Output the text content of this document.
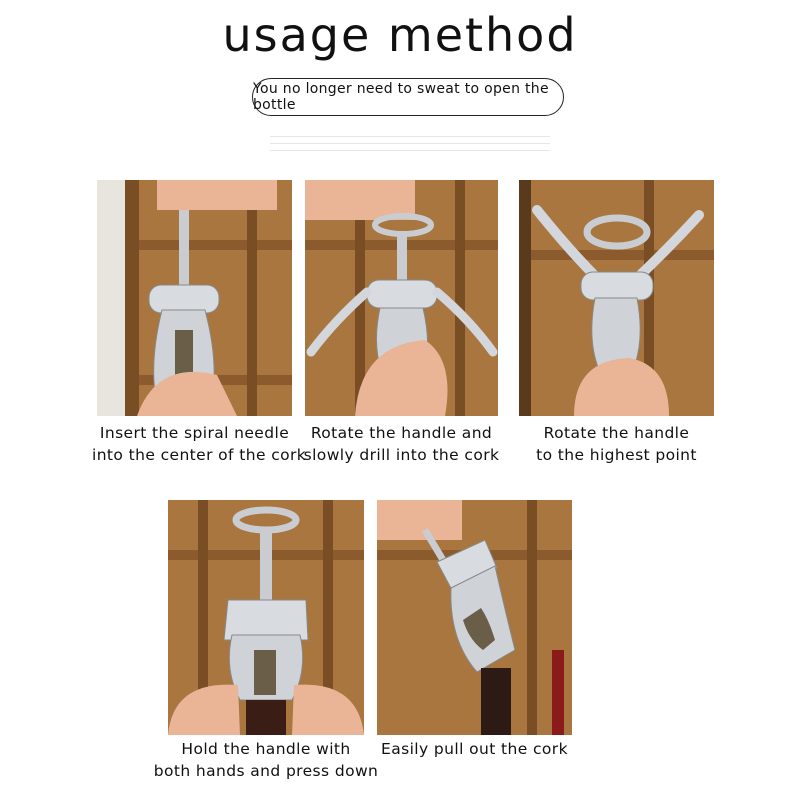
usage method
You no longer need to sweat to open the bottle
Insert the spiral needle
into the center of the cork
Rotate the handle and
slowly drill into the cork
Rotate the handle
to the highest point
Hold the handle with
both hands and press down
Easily pull out the cork
